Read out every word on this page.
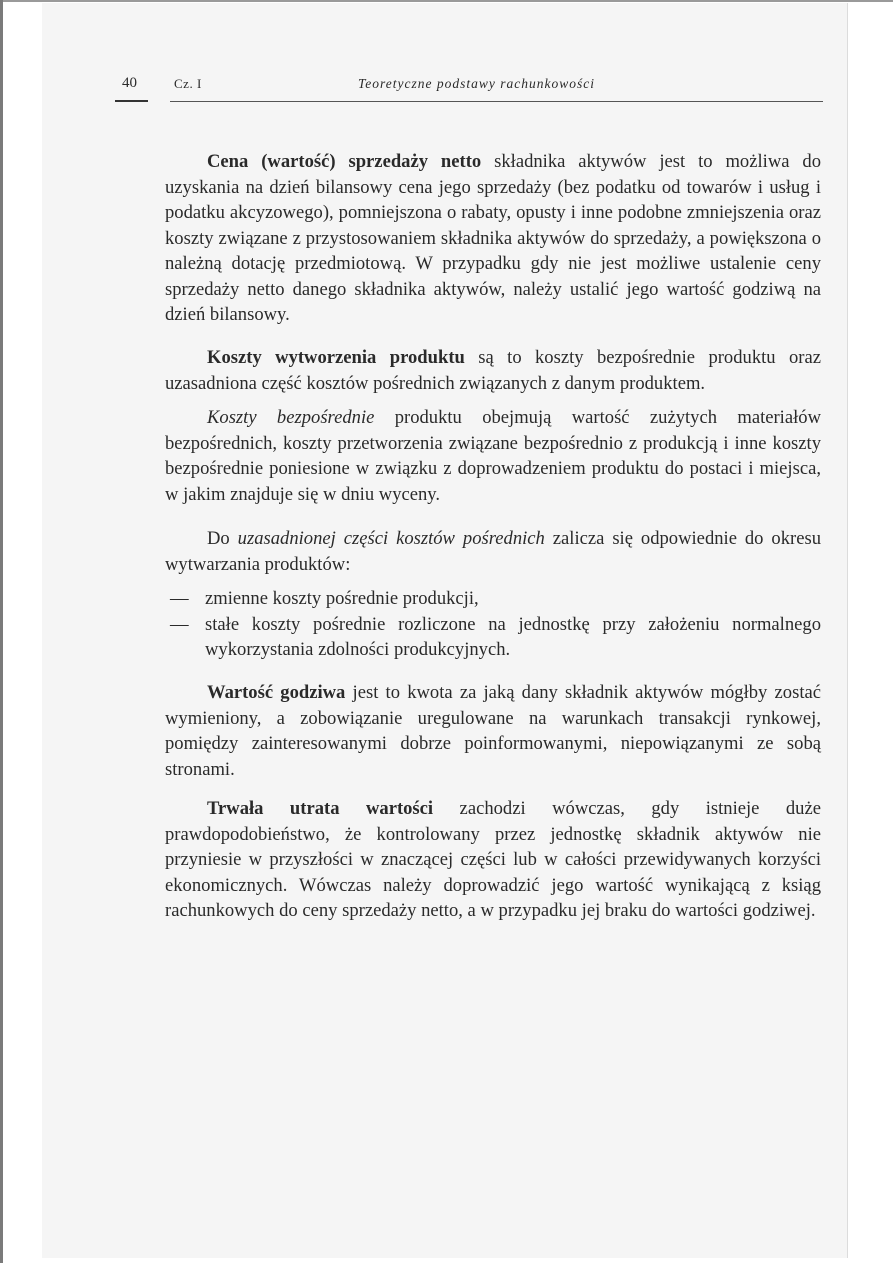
40	Cz. I	Teoretyczne podstawy rachunkowości

Cena (wartość) sprzedaży netto składnika aktywów jest to możliwa do uzyskania na dzień bilansowy cena jego sprzedaży (bez podatku od towarów i usług i podatku akcyzowego), pomniejszona o rabaty, opusty i inne podobne zmniejszenia oraz koszty związane z przystosowaniem składnika aktywów do sprzedaży, a powiększona o należną dotację przedmiotową. W przypadku gdy nie jest możliwe ustalenie ceny sprzedaży netto danego składnika aktywów, należy ustalić jego wartość godziwą na dzień bilansowy.

Koszty wytworzenia produktu są to koszty bezpośrednie produktu oraz uzasadniona część kosztów pośrednich związanych z danym produktem.

Koszty bezpośrednie produktu obejmują wartość zużytych materiałów bezpośrednich, koszty przetworzenia związane bezpośrednio z produkcją i inne koszty bezpośrednie poniesione w związku z doprowadzeniem produktu do postaci i miejsca, w jakim znajduje się w dniu wyceny.

Do uzasadnionej części kosztów pośrednich zalicza się odpowiednie do okresu wytwarzania produktów:

— zmienne koszty pośrednie produkcji,
— stałe koszty pośrednie rozliczone na jednostkę przy założeniu normalnego wykorzystania zdolności produkcyjnych.

Wartość godziwa jest to kwota za jaką dany składnik aktywów mógłby zostać wymieniony, a zobowiązanie uregulowane na warunkach transakcji rynkowej, pomiędzy zainteresowanymi dobrze poinformowanymi, niepowiązanymi ze sobą stronami.

Trwała utrata wartości zachodzi wówczas, gdy istnieje duże prawdopodobieństwo, że kontrolowany przez jednostkę składnik aktywów nie przyniesie w przyszłości w znaczącej części lub w całości przewidywanych korzyści ekonomicznych. Wówczas należy doprowadzić jego wartość wynikającą z ksiąg rachunkowych do ceny sprzedaży netto, a w przypadku jej braku do wartości godziwej.
